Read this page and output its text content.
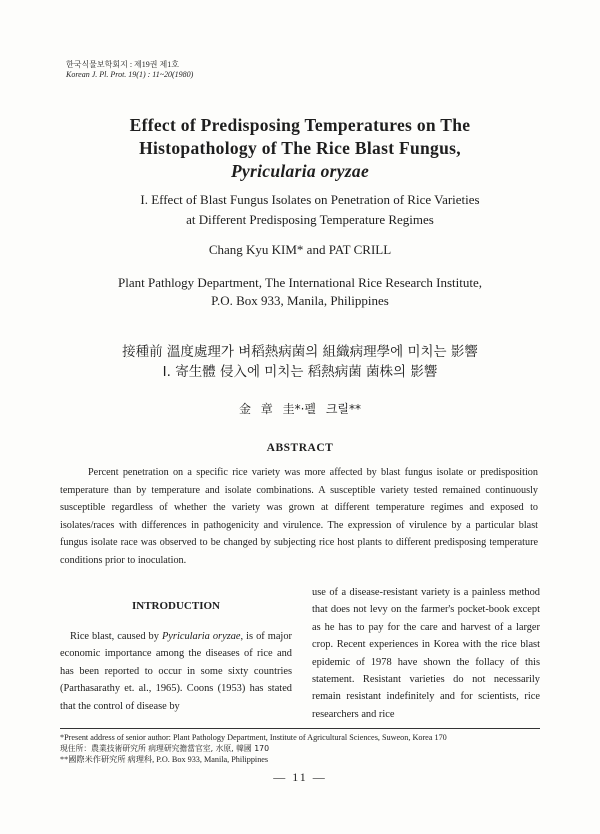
한국식물보학회지 : 제19권 제1호
Korean J. Pl. Prot. 19(1) : 11~20(1980)
Effect of Predisposing Temperatures on The
Histopathology of The Rice Blast Fungus,
Pyricularia oryzae
I. Effect of Blast Fungus Isolates on Penetration of Rice Varieties
at Different Predisposing Temperature Regimes
Chang Kyu KIM* and PAT CRILL
Plant Pathlogy Department, The International Rice Research Institute,
P.O. Box 933, Manila, Philippines
接種前 溫度處理가 벼稻熱病菌의 組織病理學에 미치는 影響
I. 寄生體 侵入에 미치는 稻熱病菌 菌株의 影響
金 章 圭*·펠 크릴**
ABSTRACT
Percent penetration on a specific rice variety was more affected by blast fungus isolate or predisposition temperature than by temperature and isolate combinations. A susceptible variety tested remained continuously susceptible regardless of whether the variety was grown at different temperature regimes and exposed to isolates/races with differences in pathogenicity and virulence. The expression of virulence by a particular blast fungus isolate race was observed to be changed by subjecting rice host plants to different predisposing temperature conditions prior to inoculation.
INTRODUCTION
Rice blast, caused by Pyricularia oryzae, is of major economic importance among the diseases of rice and has been reported to occur in some sixty countries (Parthasarathy et. al., 1965). Coons (1953) has stated that the control of disease by
use of a disease-resistant variety is a painless method that does not levy on the farmer's pocket-book except as he has to pay for the care and harvest of a larger crop. Recent experiences in Korea with the rice blast epidemic of 1978 have shown the follacy of this statement. Resistant varieties do not necessarily remain resistant indefinitely and for scientists, rice researchers and rice
*Present address of senior author: Plant Pathology Department, Institute of Agricultural Sciences, Suweon, Korea 170
現住所：農業技術研究所 病理研究擔當官室, 水原, 韓國 170
**國際米作研究所 病理科, P.O. Box 933, Manila, Philippines
— 11 —
